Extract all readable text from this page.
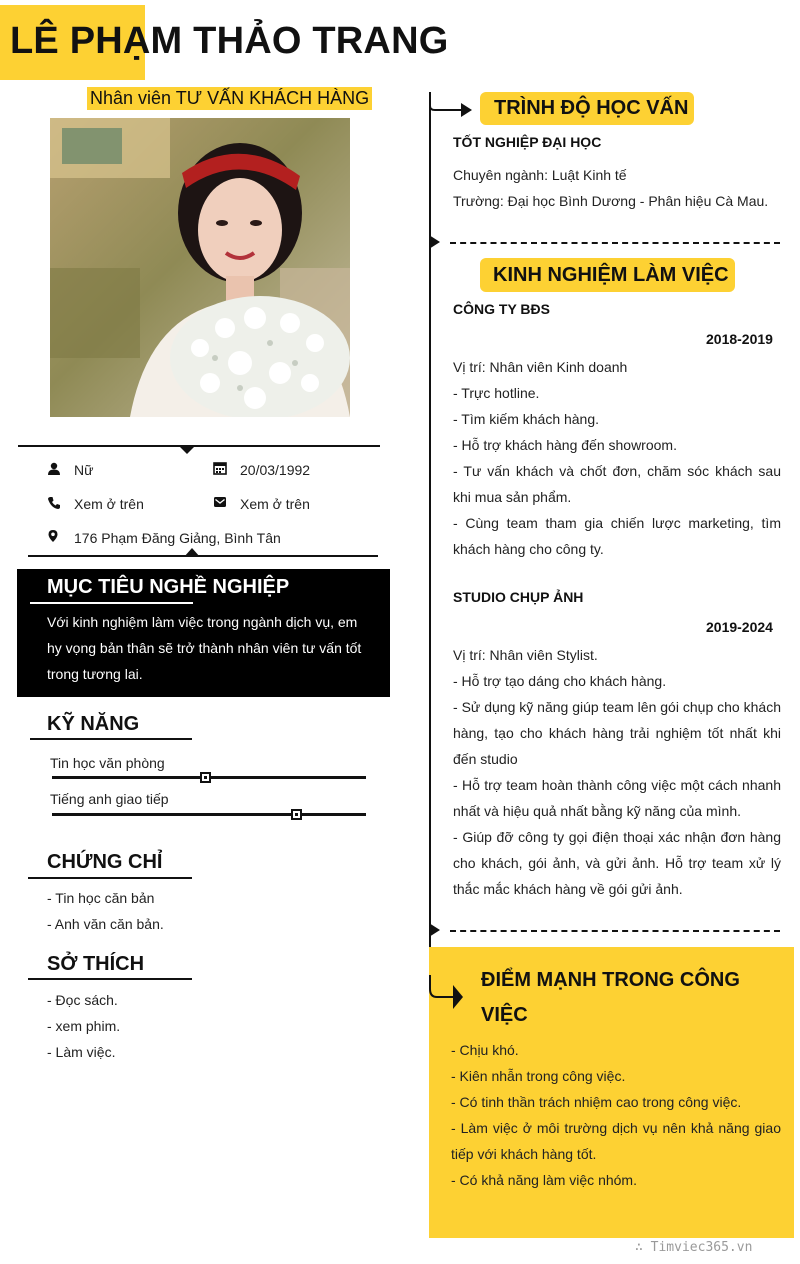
LÊ PHẠM THẢO TRANG
Nhân viên TƯ VẤN KHÁCH HÀNG
Nữ	20/03/1992
Xem ở trên	Xem ở trên
176 Phạm Đăng Giảng, Bình Tân
MỤC TIÊU NGHỀ NGHIỆP
Với kinh nghiệm làm việc trong ngành dịch vụ, em
hy vọng bản thân sẽ trở thành nhân viên tư vấn tốt
trong tương lai.
KỸ NĂNG
Tin học văn phòng
Tiếng anh giao tiếp
CHỨNG CHỈ
- Tin học căn bản
- Anh văn căn bản.
SỞ THÍCH
- Đọc sách.
- xem phim.
- Làm việc.
TRÌNH ĐỘ HỌC VẤN
TỐT NGHIỆP ĐẠI HỌC
Chuyên ngành: Luật Kinh tế
Trường: Đại học Bình Dương - Phân hiệu Cà Mau.
KINH NGHIỆM LÀM VIỆC
CÔNG TY BĐS
2018-2019
Vị trí: Nhân viên Kinh doanh
- Trực hotline.
- Tìm kiếm khách hàng.
- Hỗ trợ khách hàng đến showroom.
- Tư vấn khách và chốt đơn, chăm sóc khách sau khi mua sản phẩm.
- Cùng team tham gia chiến lược marketing, tìm khách hàng cho công ty.
STUDIO CHỤP ẢNH
2019-2024
Vị trí: Nhân viên Stylist.
- Hỗ trợ tạo dáng cho khách hàng.
- Sử dụng kỹ năng giúp team lên gói chụp cho khách hàng, tạo cho khách hàng trải nghiệm tốt nhất khi đến studio
- Hỗ trợ team hoàn thành công việc một cách nhanh nhất và hiệu quả nhất bằng kỹ năng của mình.
- Giúp đỡ công ty gọi điện thoại xác nhận đơn hàng cho khách, gói ảnh, và gửi ảnh. Hỗ trợ team xử lý thắc mắc khách hàng về gói gửi ảnh.
ĐIỂM MẠNH TRONG CÔNG
VIỆC
- Chịu khó.
- Kiên nhẫn trong công việc.
- Có tinh thần trách nhiệm cao trong công việc.
- Làm việc ở môi trường dịch vụ nên khả năng giao tiếp với khách hàng tốt.
- Có khả năng làm việc nhóm.
∴ Timviec365.vn
